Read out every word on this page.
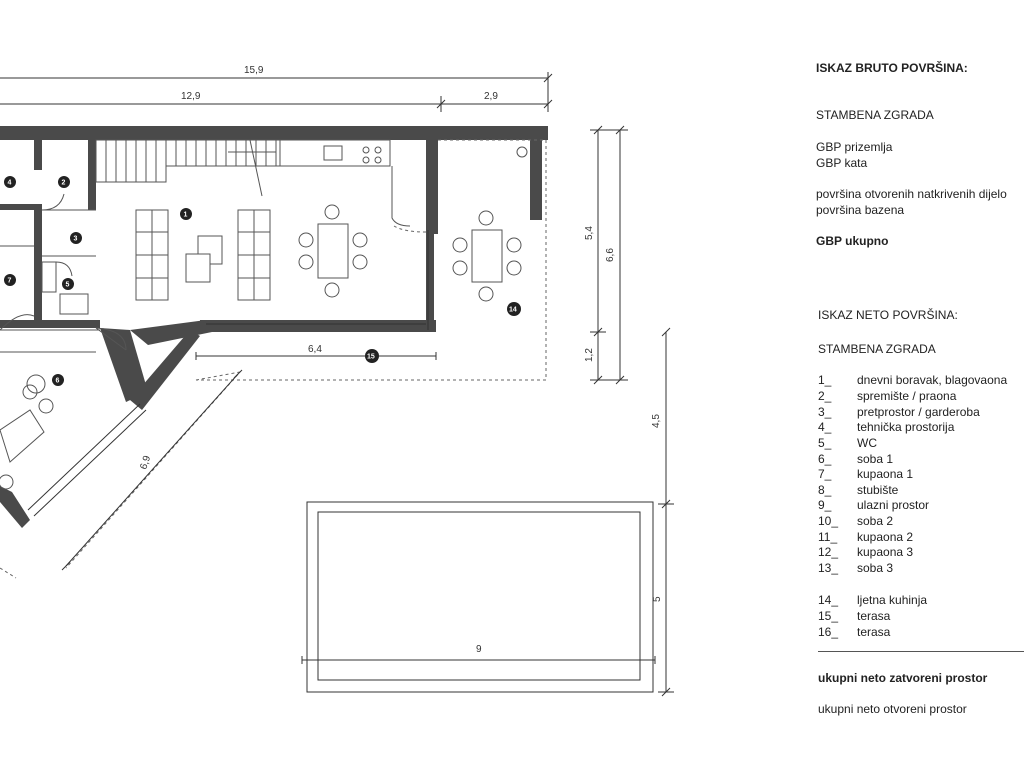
15,9
12,9	2,9
5,4
6,6
1,2
4,5
5
9
6,4
6,9
1
2
3
4
5
6
7
14
15
ISKAZ BRUTO POVRŠINA:
STAMBENA ZGRADA
GBP prizemlja
GBP kata
površina otvorenih natkrivenih dijelo
površina bazena
GBP ukupno
ISKAZ NETO POVRŠINA:
STAMBENA ZGRADA
1_ dnevni boravak, blagovaona
2_ spremište / praona
3_ pretprostor / garderoba
4_ tehnička prostorija
5_ WC
6_ soba 1
7_ kupaona 1
8_ stubište
9_ ulazni prostor
10_ soba 2
11_ kupaona 2
12_ kupaona 3
13_ soba 3
14_ ljetna kuhinja
15_ terasa
16_ terasa
ukupni neto zatvoreni prostor
ukupni neto otvoreni prostor
